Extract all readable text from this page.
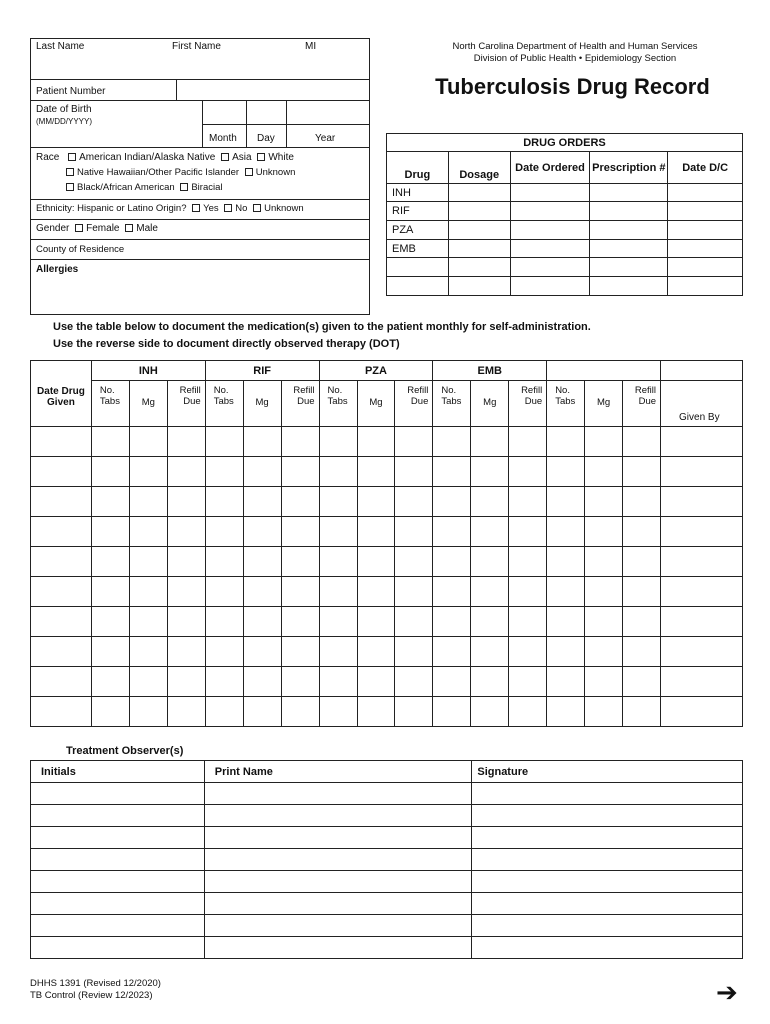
Last Name	First Name	MI
Patient Number
Date of Birth
(MM/DD/YYYY)
Month Day	Year
Race American Indian/Alaska Native Asia White
Native Hawaiian/Other Pacific Islander Unknown
Black/African American Biracial
Ethnicity: Hispanic or Latino Origin? Yes No Unknown
Gender Female Male
County of Residence
Allergies
North Carolina Department of Health and Human Services
Division of Public Health • Epidemiology Section
Tuberculosis Drug Record
DRUG ORDERS				
Drug	Dosage	Date Ordered	Prescription #	Date D/C
INH				
RIF				
PZA				
EMB				

Use the table below to document the medication(s) given to the patient monthly for self-administration.
Use the reverse side to document directly observed therapy (DOT)
Date Drug Given	INH			RIF			PZA			EMB						
	No. Tabs	Mg	Refill Due	No. Tabs	Mg	Refill Due	No. Tabs	Mg	Refill Due	No. Tabs	Mg	Refill Due	No. Tabs	Mg	Refill Due	Given By

Treatment Observer(s)
Initials	Print Name	Signature

DHHS 1391 (Revised 12/2020)
TB Control (Review 12/2023)	➔
